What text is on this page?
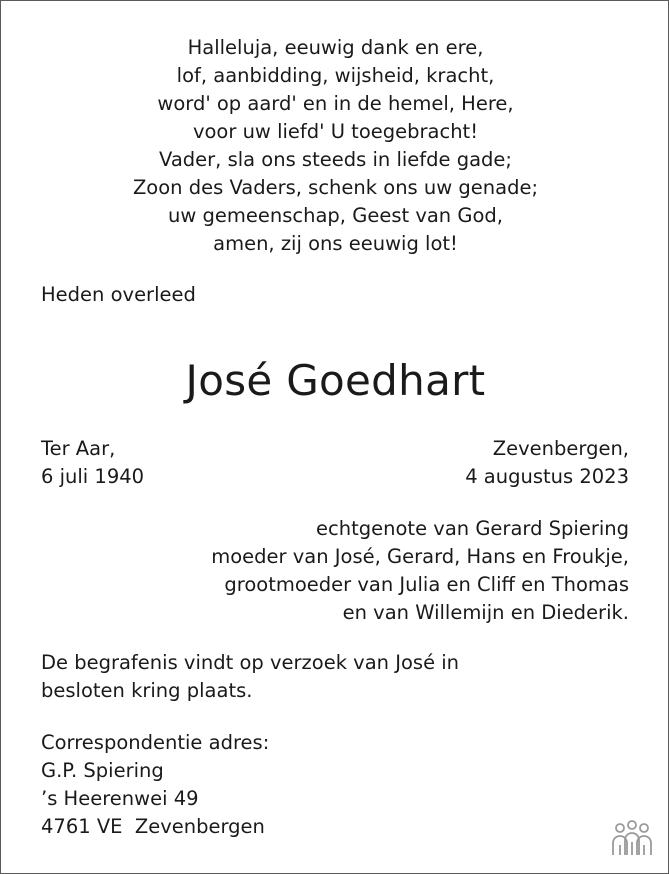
Halleluja, eeuwig dank en ere,
lof, aanbidding, wijsheid, kracht,
word' op aard' en in de hemel, Here,
voor uw liefd' U toegebracht!
Vader, sla ons steeds in liefde gade;
Zoon des Vaders, schenk ons uw genade;
uw gemeenschap, Geest van God,
amen, zij ons eeuwig lot!
Heden overleed
José Goedhart
Ter Aar,
6 juli 1940
Zevenbergen,
4 augustus 2023
echtgenote van Gerard Spiering
moeder van José, Gerard, Hans en Froukje,
grootmoeder van Julia en Cliff en Thomas
en van Willemijn en Diederik.
De begrafenis vindt op verzoek van José in
besloten kring plaats.
Correspondentie adres:
G.P. Spiering
’s Heerenwei 49
4761 VE  Zevenbergen
